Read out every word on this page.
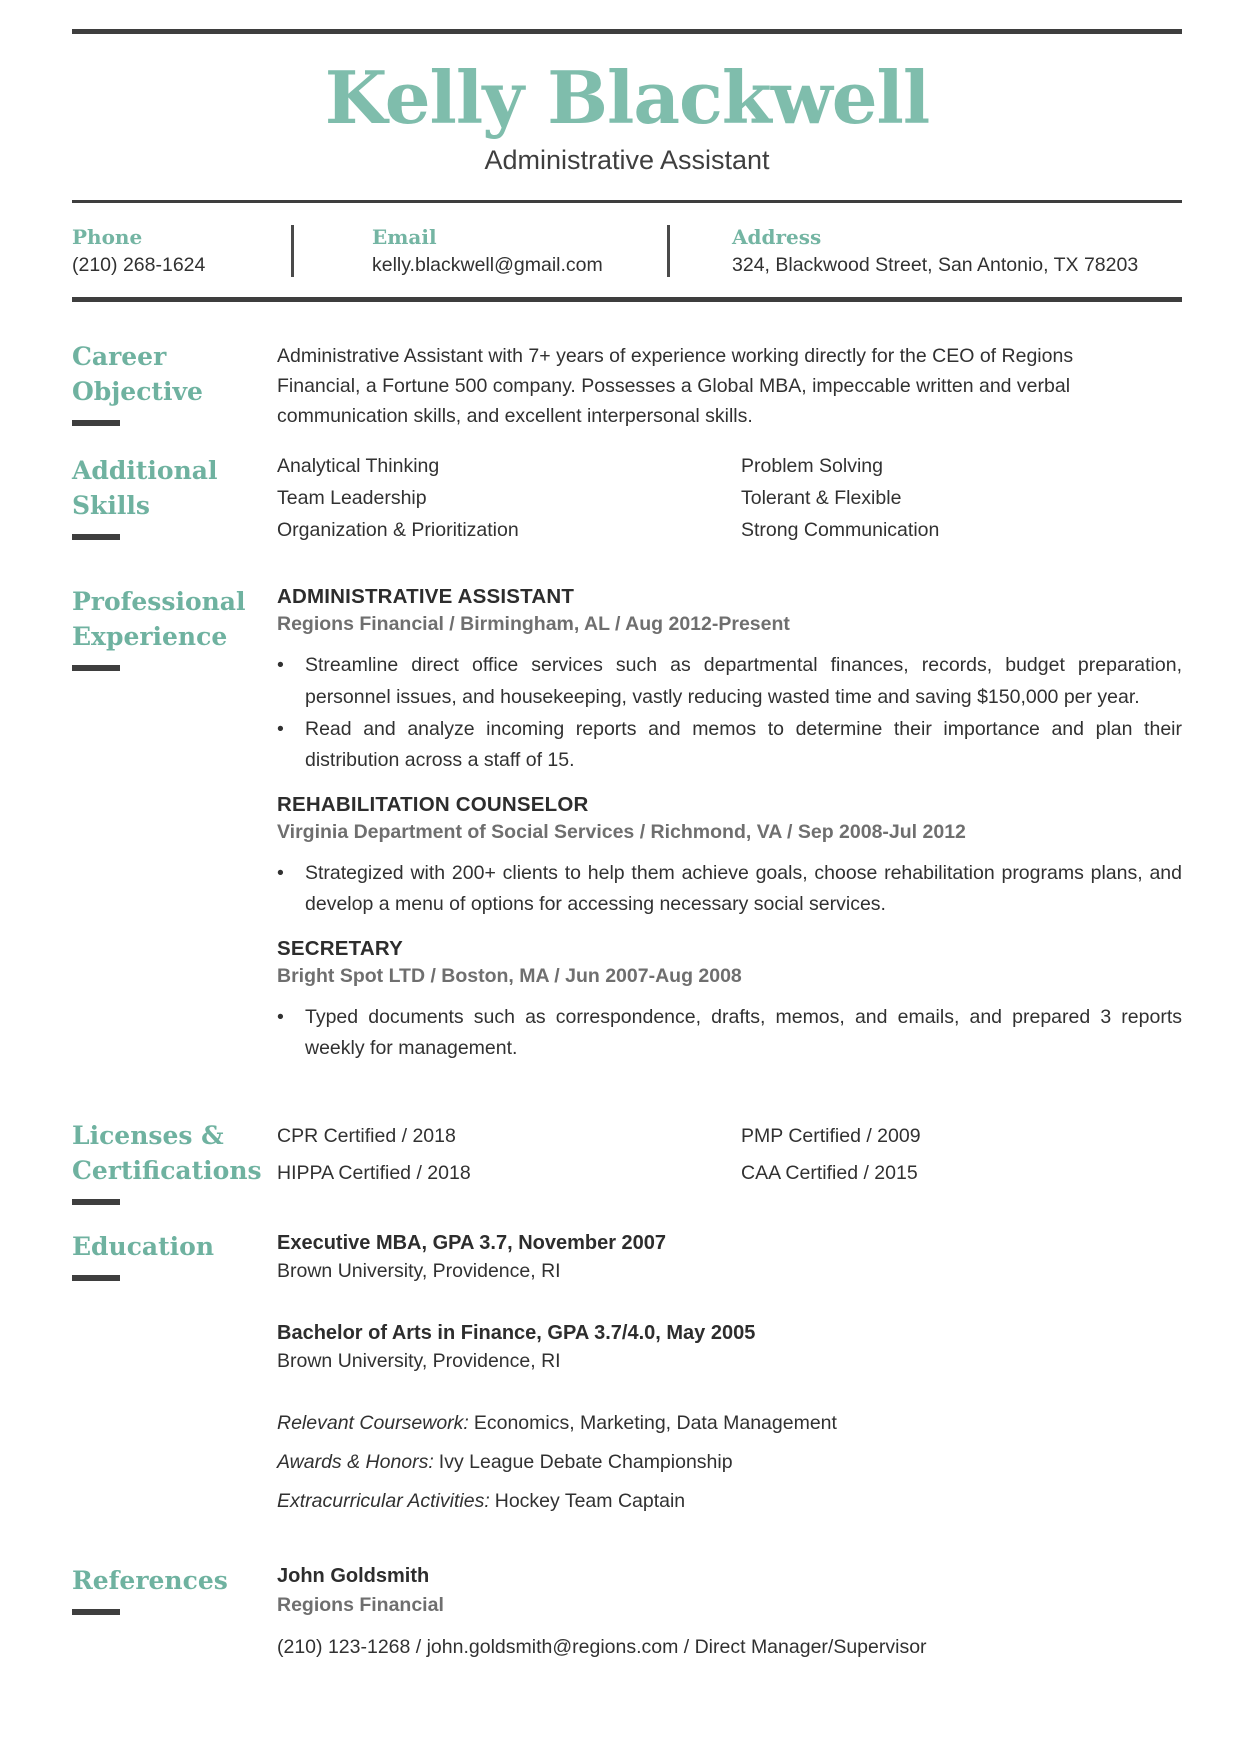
Kelly Blackwell
Administrative Assistant
Phone
(210) 268-1624
Email
kelly.blackwell@gmail.com
Address
324, Blackwood Street, San Antonio, TX 78203
Career Objective

Administrative Assistant with 7+ years of experience working directly for the CEO of Regions Financial, a Fortune 500 company. Possesses a Global MBA, impeccable written and verbal communication skills, and excellent interpersonal skills.

Additional Skills
Analytical Thinking
Team Leadership
Organization & Prioritization
Problem Solving
Tolerant & Flexible
Strong Communication
Professional Experience
ADMINISTRATIVE ASSISTANT
Regions Financial / Birmingham, AL / Aug 2012-Present
• Streamline direct office services such as departmental finances, records, budget preparation, personnel issues, and housekeeping, vastly reducing wasted time and saving $150,000 per year.
• Read and analyze incoming reports and memos to determine their importance and plan their distribution across a staff of 15.
REHABILITATION COUNSELOR
Virginia Department of Social Services / Richmond, VA / Sep 2008-Jul 2012
• Strategized with 200+ clients to help them achieve goals, choose rehabilitation programs plans, and develop a menu of options for accessing necessary social services.
SECRETARY
Bright Spot LTD / Boston, MA / Jun 2007-Aug 2008
• Typed documents such as correspondence, drafts, memos, and emails, and prepared 3 reports weekly for management.
Licenses & Certifications
CPR Certified / 2018
HIPPA Certified / 2018
PMP Certified / 2009
CAA Certified / 2015
Education	Executive MBA, GPA 3.7, November 2007
Brown University, Providence, RI
Bachelor of Arts in Finance, GPA 3.7/4.0, May 2005
Brown University, Providence, RI
Relevant Coursework: Economics, Marketing, Data Management
Awards & Honors: Ivy League Debate Championship
Extracurricular Activities: Hockey Team Captain
References	John Goldsmith
Regions Financial
(210) 123-1268 / john.goldsmith@regions.com / Direct Manager/Supervisor
